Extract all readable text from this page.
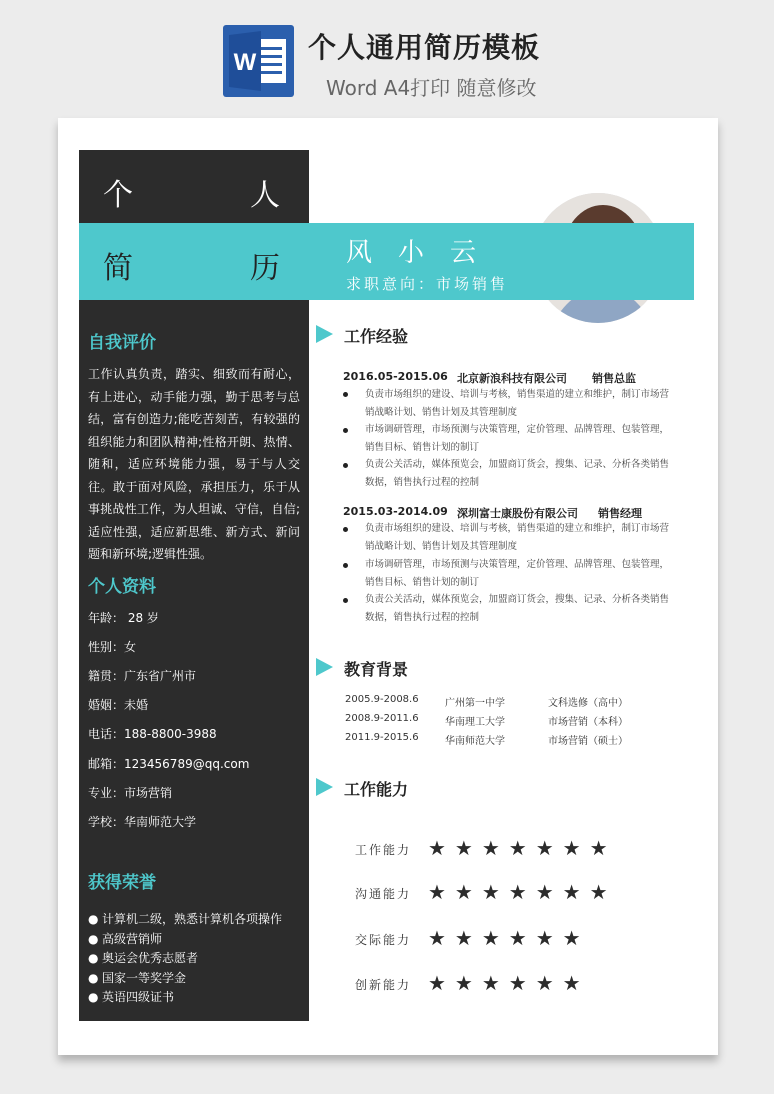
W 个人通用简历模板
Word A4打印 随意修改
个	人
简	历	风小云
求职意向：市场销售
自我评价
工作认真负责，踏实、细致而有耐心，有上进心，动手能力强，勤于思考与总结，富有创造力;能吃苦刻苦，有较强的组织能力和团队精神;性格开朗、热情、随和，适应环境能力强，易于与人交往。敢于面对风险，承担压力，乐于从事挑战性工作，为人坦诚、守信，自信;适应性强，适应新思维、新方式、新问题和新环境;逻辑性强。
个人资料
年龄： 28 岁
性别：女
籍贯：广东省广州市
婚姻：未婚
电话：188-8800-3988
邮箱：123456789@qq.com
专业：市场营销
学校：华南师范大学
获得荣誉
● 计算机二级，熟悉计算机各项操作
● 高级营销师
● 奥运会优秀志愿者
● 国家一等奖学金
● 英语四级证书
工作经验
2016.05-2015.06 北京新浪科技有限公司 销售总监
负责市场组织的建设、培训与考核，销售渠道的建立和维护，制订市场营销战略计划、销售计划及其管理制度
市场调研管理，市场预测与决策管理，定价管理、品牌管理、包装管理，销售目标、销售计划的制订
负责公关活动，媒体预览会，加盟商订货会，搜集、记录、分析各类销售数据，销售执行过程的控制
2015.03-2014.09 深圳富士康股份有限公司 销售经理
负责市场组织的建设、培训与考核，销售渠道的建立和维护，制订市场营销战略计划、销售计划及其管理制度
市场调研管理，市场预测与决策管理，定价管理、品牌管理、包装管理，销售目标、销售计划的制订
负责公关活动，媒体预览会，加盟商订货会，搜集、记录、分析各类销售数据，销售执行过程的控制
教育背景
2005.9-2008.6	广州第一中学	文科选修（高中）
2008.9-2011.6	华南理工大学	市场营销（本科）
2011.9-2015.6	华南师范大学	市场营销（硕士）
工作能力
工作能力 ★★★★★★★
沟通能力 ★★★★★★★
交际能力 ★★★★★★
创新能力 ★★★★★★
